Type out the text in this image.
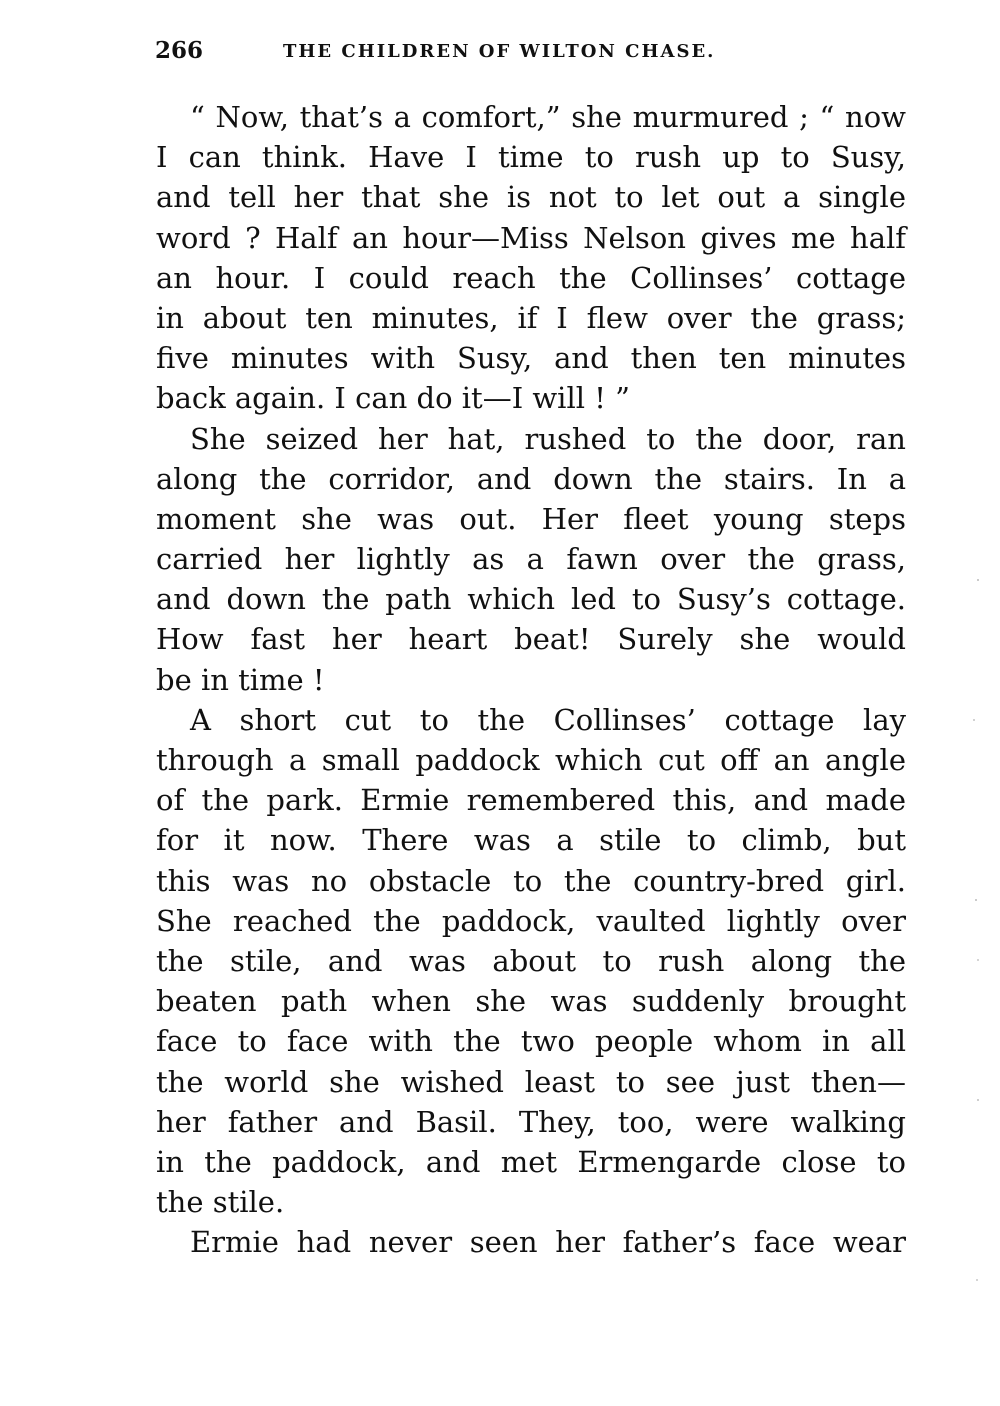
266	THE CHILDREN OF WILTON CHASE.
“ Now, that’s a comfort,” she murmured ; “ now
I can think. Have I time to rush up to Susy,
and tell her that she is not to let out a single
word ? Half an hour—Miss Nelson gives me half
an hour. I could reach the Collinses’ cottage
in about ten minutes, if I flew over the grass;
five minutes with Susy, and then ten minutes
back again. I can do it—I will ! ”
She seized her hat, rushed to the door, ran
along the corridor, and down the stairs. In a
moment she was out. Her fleet young steps
carried her lightly as a fawn over the grass,
and down the path which led to Susy’s cottage.
How fast her heart beat! Surely she would
be in time !
A short cut to the Collinses’ cottage lay
through a small paddock which cut off an angle
of the park. Ermie remembered this, and made
for it now. There was a stile to climb, but
this was no obstacle to the country-bred girl.
She reached the paddock, vaulted lightly over
the stile, and was about to rush along the
beaten path when she was suddenly brought
face to face with the two people whom in all
the world she wished least to see just then—
her father and Basil. They, too, were walking
in the paddock, and met Ermengarde close to
the stile.
Ermie had never seen her father’s face wear
